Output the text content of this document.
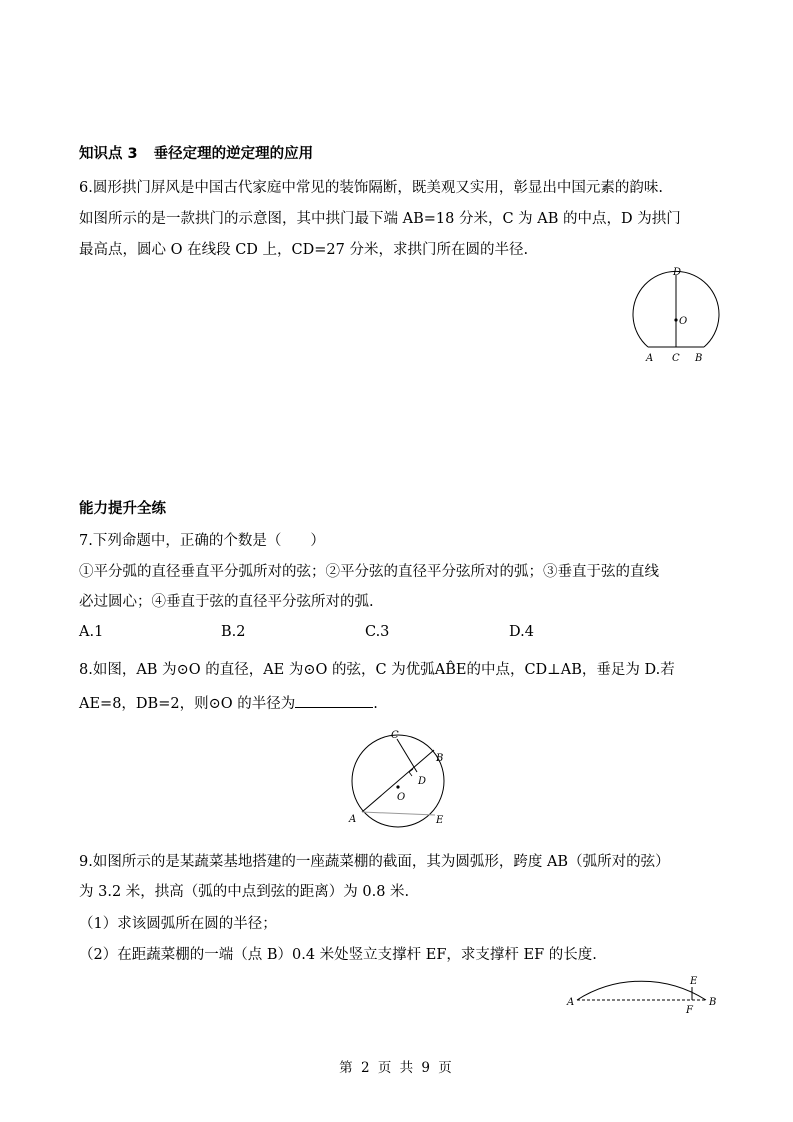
知识点 3 垂径定理的逆定理的应用
6.圆形拱门屏风是中国古代家庭中常见的装饰隔断，既美观又实用，彰显出中国元素的韵味.
如图所示的是一款拱门的示意图，其中拱门最下端 AB=18 分米，C 为 AB 的中点，D 为拱门
最高点，圆心 O 在线段 CD 上，CD=27 分米，求拱门所在圆的半径.
D
O
A C B
能力提升全练
7.下列命题中，正确的个数是（　　）
①平分弧的直径垂直平分弧所对的弦；②平分弦的直径平分弦所对的弧；③垂直于弦的直线
必过圆心；④垂直于弦的直径平分弦所对的弧.
A.1	B.2	C.3	D.4
8.如图，AB 为⊙O 的直径，AE 为⊙O 的弦，C 为优弧AB̂E的中点，CD⊥AB，垂足为 D.若
AE=8，DB=2，则⊙O 的半径为	.
C
B
D
O
A	E
9.如图所示的是某蔬菜基地搭建的一座蔬菜棚的截面，其为圆弧形，跨度 AB（弧所对的弦）
为 3.2 米，拱高（弧的中点到弦的距离）为 0.8 米.
（1）求该圆弧所在圆的半径；
（2）在距蔬菜棚的一端（点 B）0.4 米处竖立支撑杆 EF，求支撑杆 EF 的长度.
A
E
F
B
第 2 页 共 9 页
